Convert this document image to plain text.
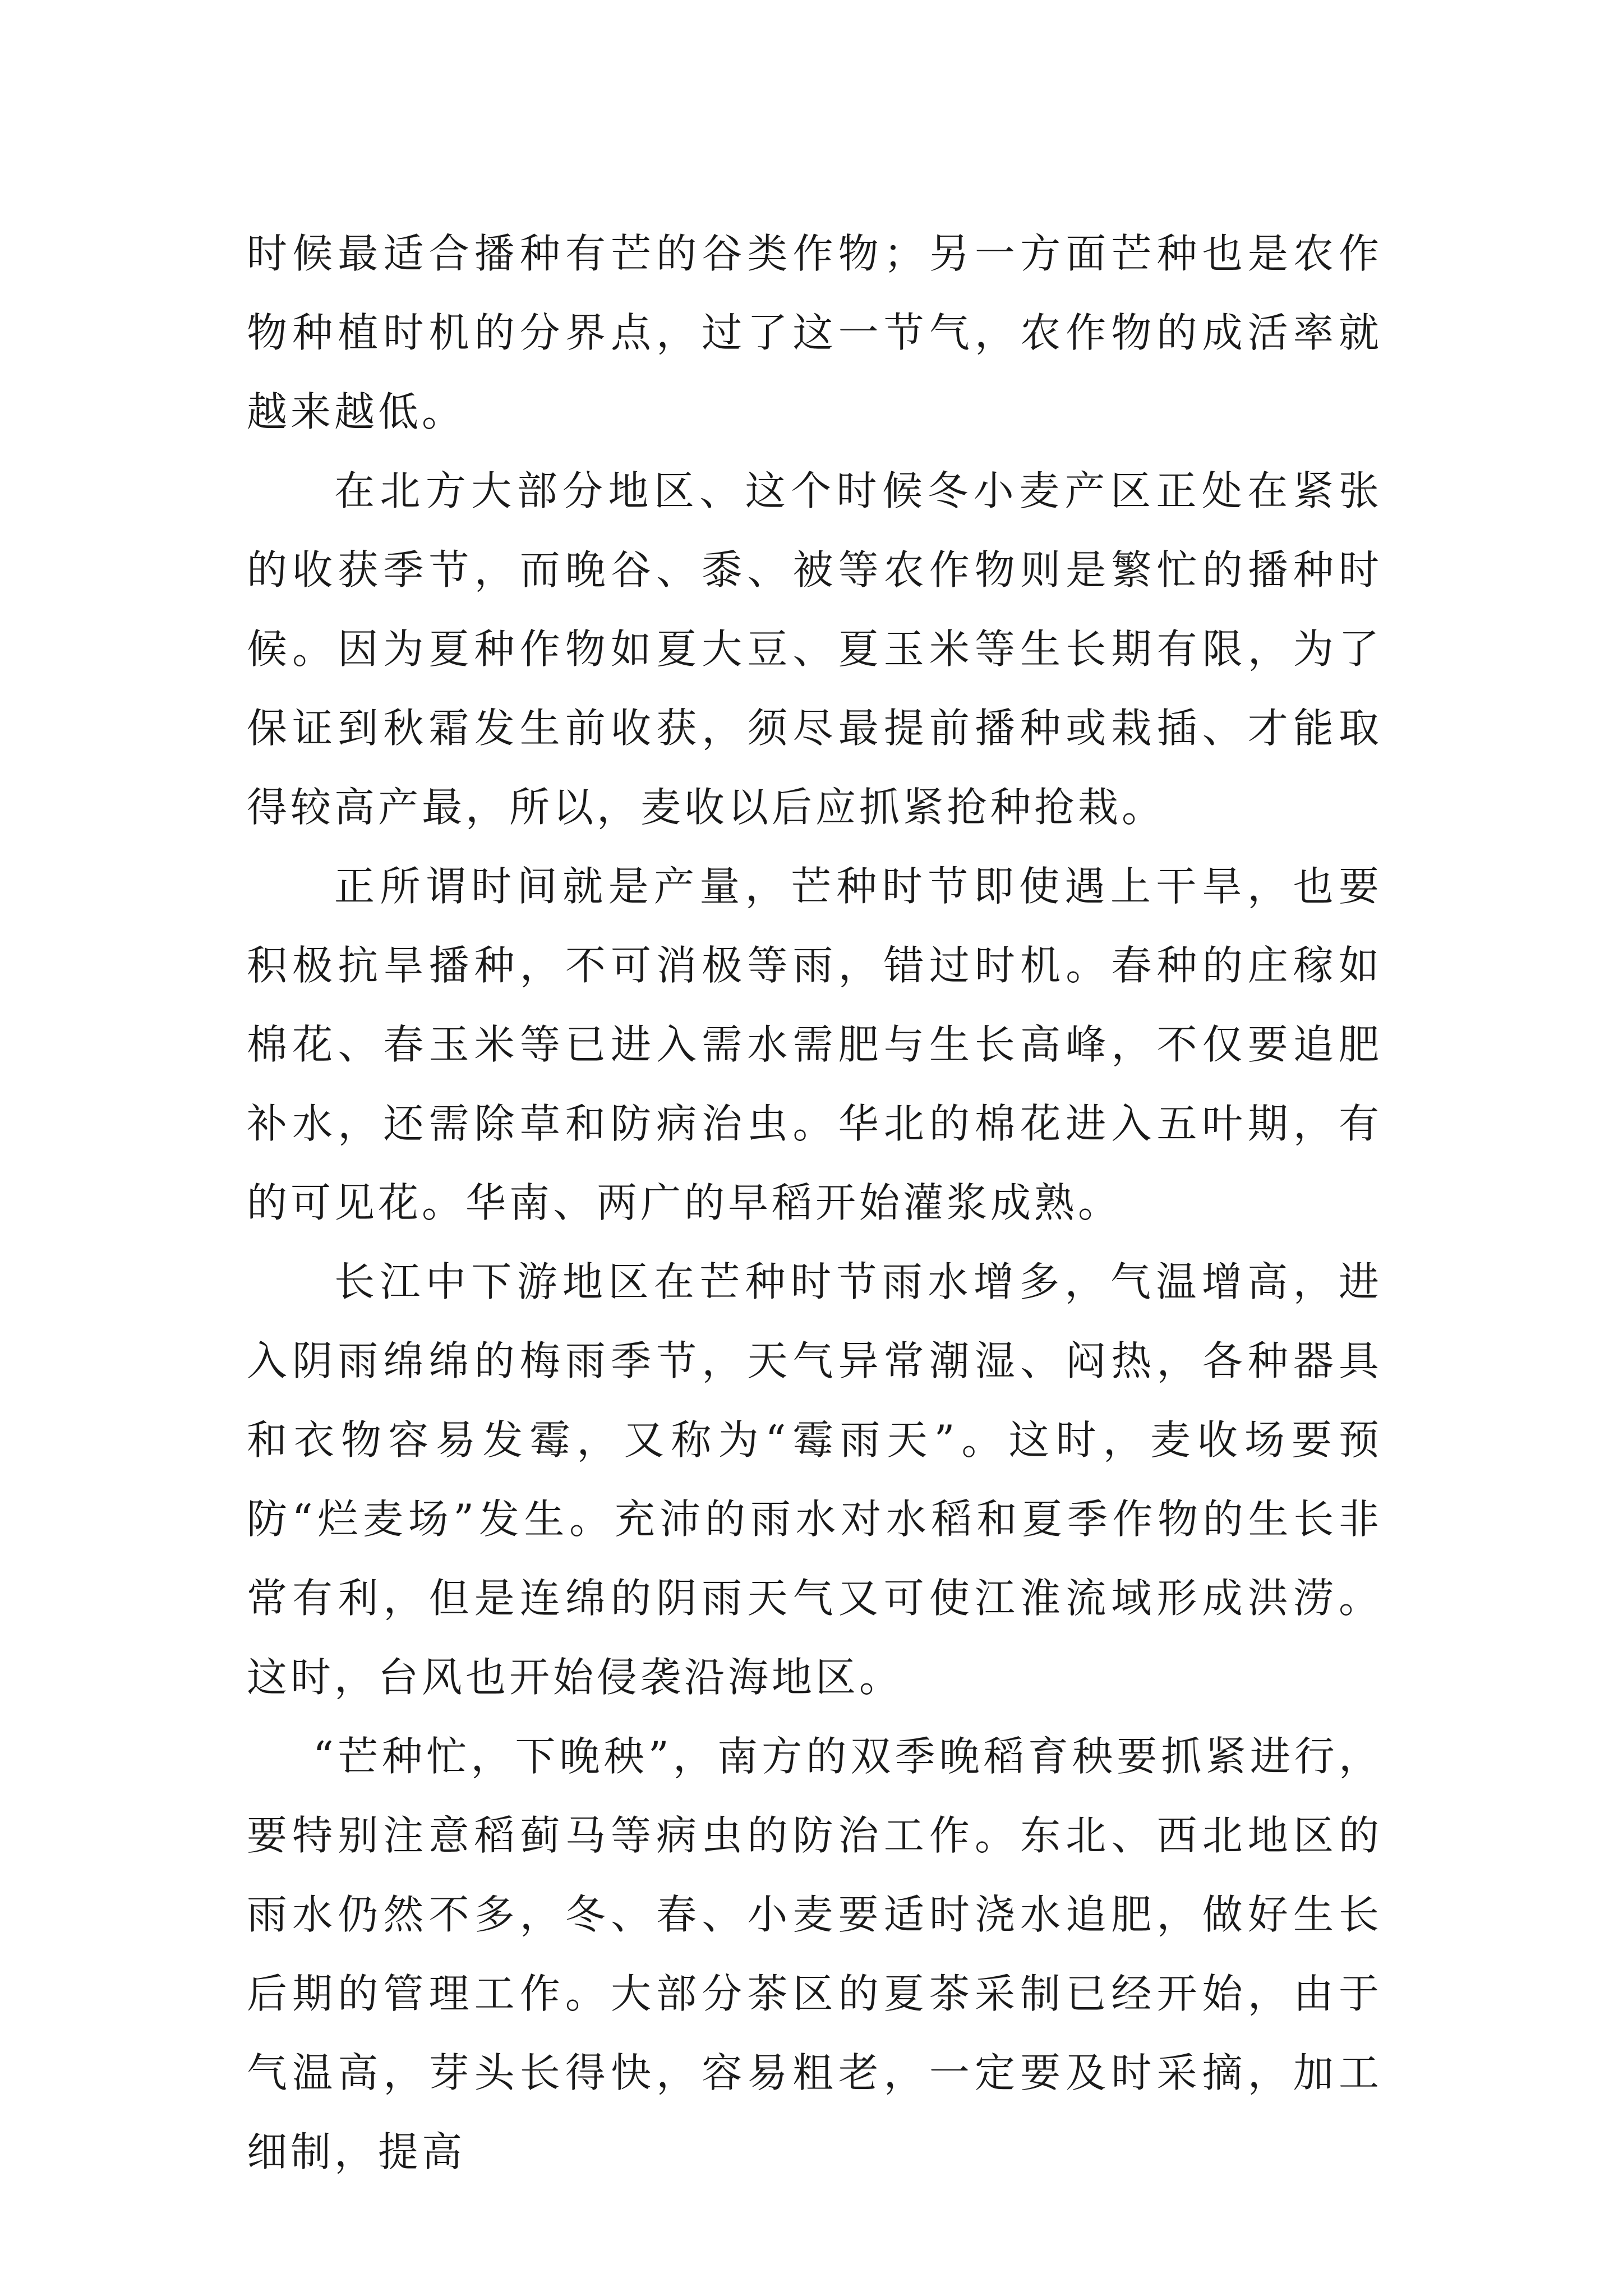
时候最适合播种有芒的谷类作物；另一方面芒种也是农作物种植时机的分界点，过了这一节气，农作物的成活率就越来越低。

在北方大部分地区、这个时候冬小麦产区正处在紧张的收获季节，而晚谷、黍、被等农作物则是繁忙的播种时候。因为夏种作物如夏大豆、夏玉米等生长期有限，为了保证到秋霜发生前收获，须尽最提前播种或栽插、才能取得较高产最，所以，麦收以后应抓紧抢种抢栽。

正所谓时间就是产量，芒种时节即使遇上干旱，也要积极抗旱播种，不可消极等雨，错过时机。春种的庄稼如棉花、春玉米等已进入需水需肥与生长高峰，不仅要追肥补水，还需除草和防病治虫。华北的棉花进入五叶期，有的可见花。华南、两广的早稻开始灌浆成熟。

长江中下游地区在芒种时节雨水增多，气温增高，进入阴雨绵绵的梅雨季节，天气异常潮湿、闷热，各种器具和衣物容易发霉，又称为“霉雨天”。这时，麦收场要预防“烂麦场”发生。充沛的雨水对水稻和夏季作物的生长非常有利，但是连绵的阴雨天气又可使江淮流域形成洪涝。这时，台风也开始侵袭沿海地区。

“芒种忙，下晚秧”，南方的双季晚稻育秧要抓紧进行，要特别注意稻蓟马等病虫的防治工作。东北、西北地区的雨水仍然不多，冬、春、小麦要适时浇水追肥，做好生长后期的管理工作。大部分茶区的夏茶采制已经开始，由于气温高，芽头长得快，容易粗老，一定要及时采摘，加工细制，提高
